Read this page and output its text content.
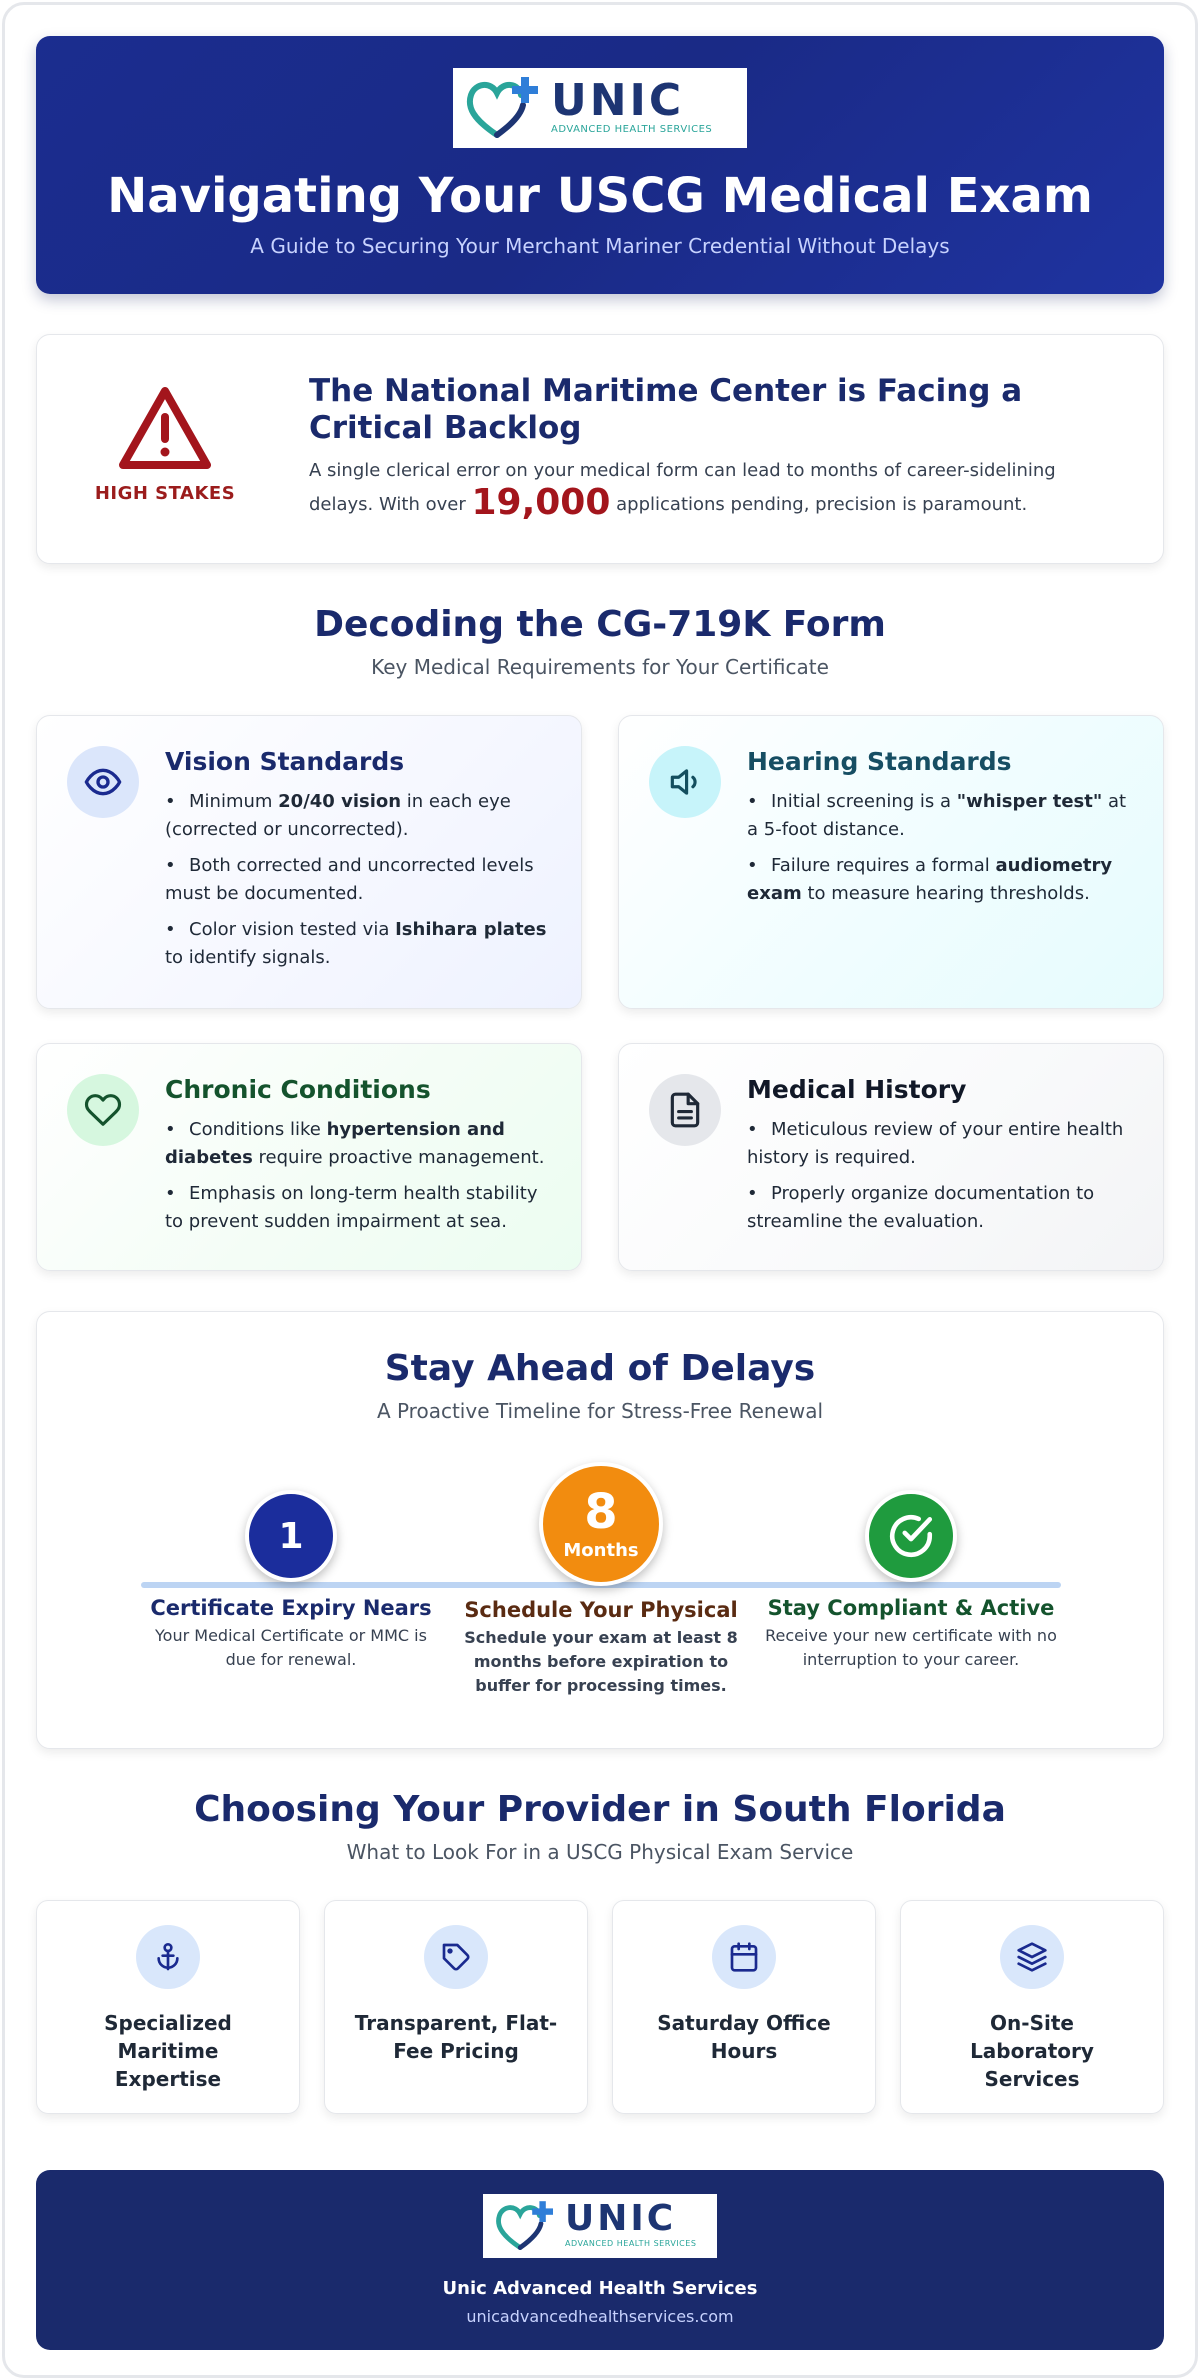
UNIC
ADVANCED HEALTH SERVICES
Navigating Your USCG Medical Exam
A Guide to Securing Your Merchant Mariner Credential Without Delays
HIGH STAKES
The National Maritime Center is Facing a Critical Backlog
A single clerical error on your medical form can lead to months of career-sidelining delays. With over 19,000 applications pending, precision is paramount.
Decoding the CG-719K Form
Key Medical Requirements for Your Certificate
Vision Standards
• Minimum 20/40 vision in each eye (corrected or uncorrected).
• Both corrected and uncorrected levels must be documented.
• Color vision tested via Ishihara plates to identify signals.
Hearing Standards
• Initial screening is a "whisper test" at a 5-foot distance.
• Failure requires a formal audiometry exam to measure hearing thresholds.
Chronic Conditions
• Conditions like hypertension and diabetes require proactive management.
• Emphasis on long-term health stability to prevent sudden impairment at sea.
Medical History
• Meticulous review of your entire health history is required.
• Properly organize documentation to streamline the evaluation.
Stay Ahead of Delays
A Proactive Timeline for Stress-Free Renewal
1
Certificate Expiry Nears
Your Medical Certificate or MMC is due for renewal.
8
Months
Schedule Your Physical
Schedule your exam at least 8 months before expiration to buffer for processing times.
Stay Compliant & Active
Receive your new certificate with no interruption to your career.
Choosing Your Provider in South Florida
What to Look For in a USCG Physical Exam Service
Specialized Maritime Expertise
Transparent, Flat-Fee Pricing
Saturday Office Hours
On-Site Laboratory Services
UNIC
ADVANCED HEALTH SERVICES
Unic Advanced Health Services
unicadvancedhealthservices.com
